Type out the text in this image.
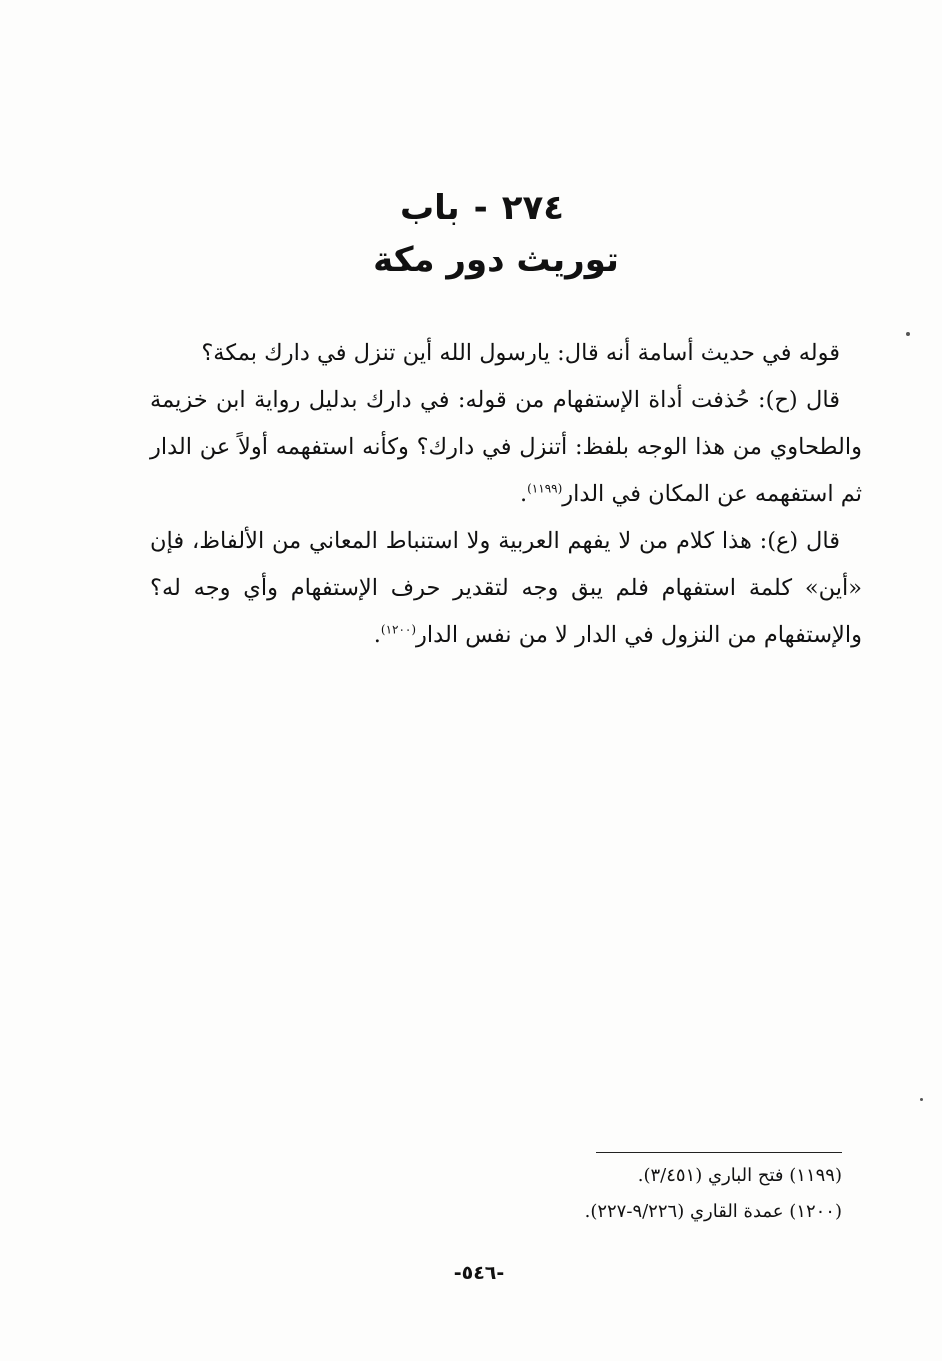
٢٧٤-باب
توريث دور مكة

قوله في حديث أسامة أنه قال: يارسول الله أين تنزل في دارك بمكة؟

قال (ح): حُذفت أداة الإستفهام من قوله: في دارك بدليل رواية ابن خزيمة والطحاوي من هذا الوجه بلفظ: أتنزل في دارك؟ وكأنه استفهمه أولاً عن الدار ثم استفهمه عن المكان في الدار$^{(١١٩٩)}$.

قال (ع): هذا كلام من لا يفهم العربية ولا استنباط المعاني من الألفاظ، فإن «أين» كلمة استفهام فلم يبق وجه لتقدير حرف الإستفهام وأي وجه له؟ والإستفهام من النزول في الدار لا من نفس الدار$^{(١٢٠٠)}$.

(١١٩٩) فتح الباري (٣/٤٥١).

(١٢٠٠) عمدة القاري (٩/٢٢٦-٢٢٧).

-٥٤٦-
